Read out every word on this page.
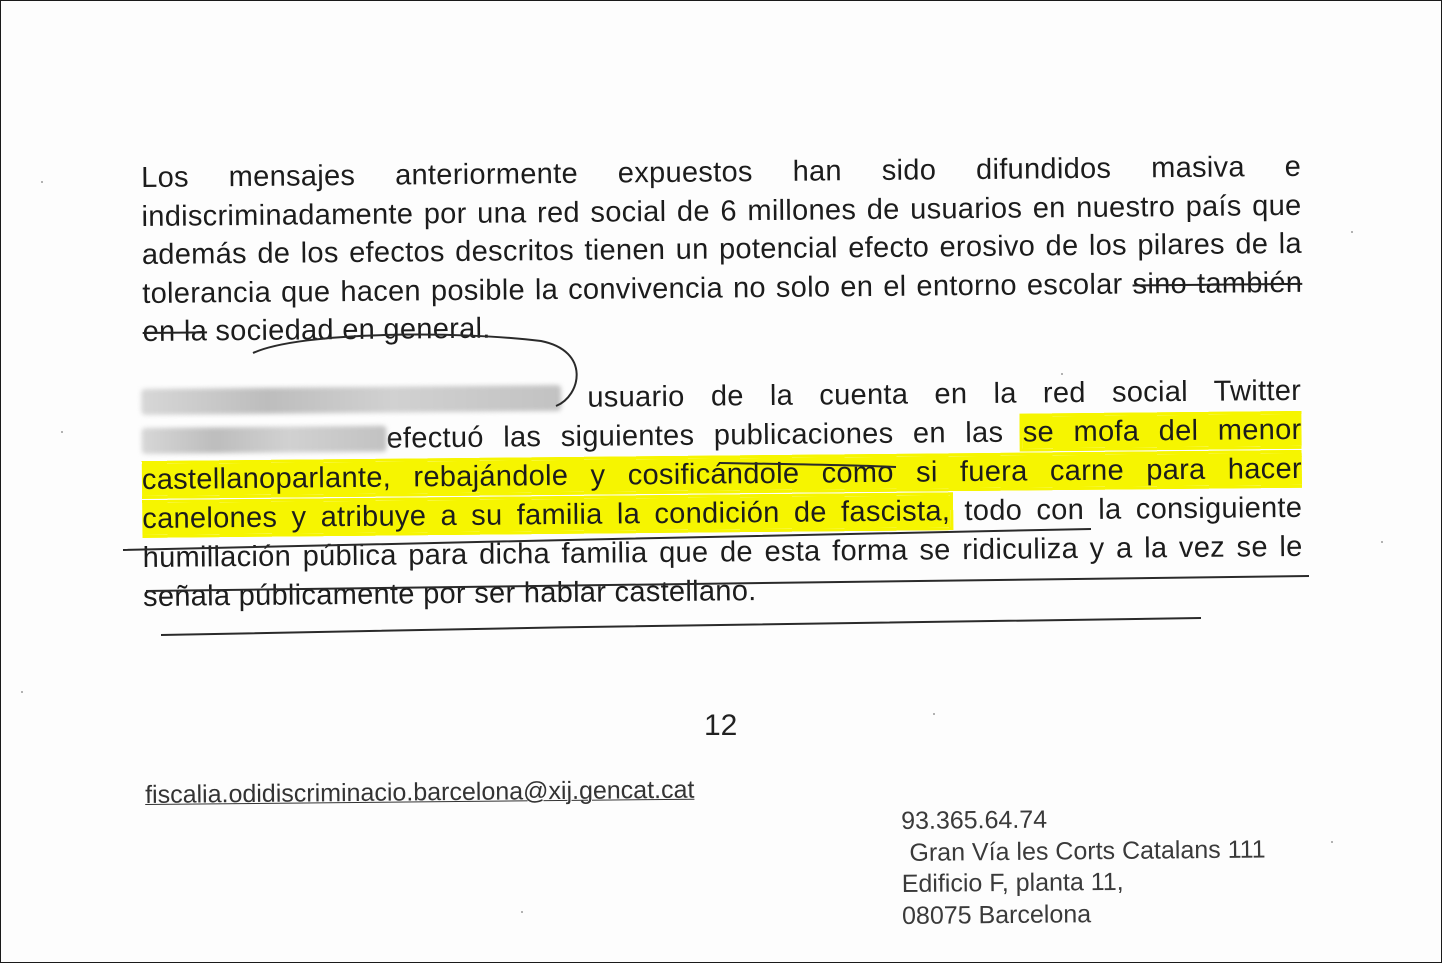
Los mensajes anteriormente expuestos han sido difundidos masiva e indiscriminadamente por una red social de 6 millones de usuarios en nuestro país que además de los efectos descritos tienen un potencial efecto erosivo de los pilares de la tolerancia que hacen posible la convivencia no solo en el entorno escolar sino también en la sociedad en general.

usuario de la cuenta en la red social Twitter efectuó las siguientes publicaciones en las se mofa del menor castellanoparlante, rebajándole y cosificándole como si fuera carne para hacer canelones y atribuye a su familia la condición de fascista, todo con la consiguiente humillación pública para dicha familia que de esta forma se ridiculiza y a la vez se le señala públicamente por ser hablar castellano.

12
fiscalia.odidiscriminacio.barcelona@xij.gencat.cat
93.365.64.74
Gran Vía les Corts Catalans 111
Edificio F, planta 11,
08075 Barcelona
